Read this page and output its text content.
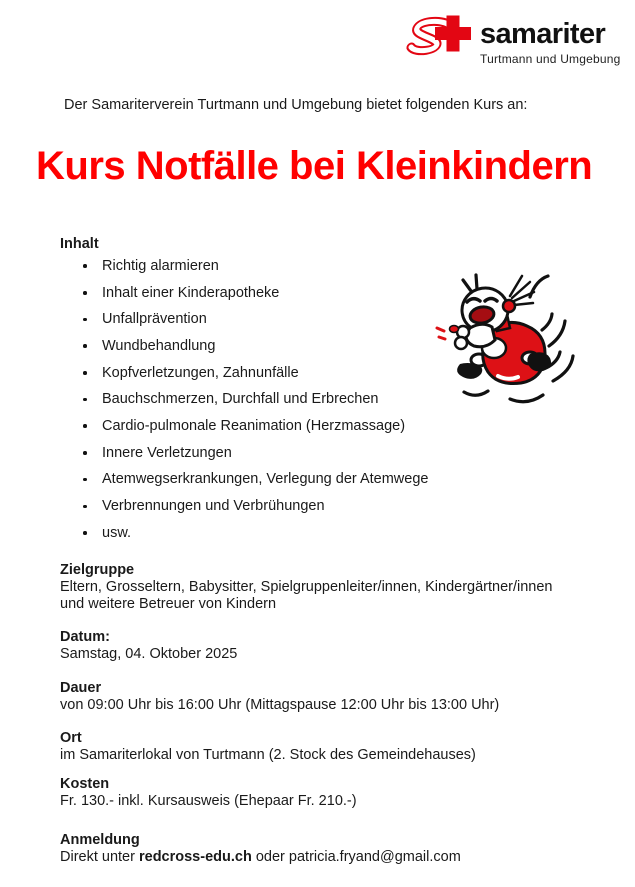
samariter
Turtmann und Umgebung

Der Samariterverein Turtmann und Umgebung bietet folgenden Kurs an:

Kurs Notfälle bei Kleinkindern
Inhalt
Richtig alarmieren
Inhalt einer Kinderapotheke
Unfallprävention
Wundbehandlung
Kopfverletzungen, Zahnunfälle
Bauchschmerzen, Durchfall und Erbrechen
Cardio-pulmonale Reanimation (Herzmassage)
Innere Verletzungen
Atemwegserkrankungen, Verlegung der Atemwege
Verbrennungen und Verbrühungen
usw.
Zielgruppe
Eltern, Grosseltern, Babysitter, Spielgruppenleiter/innen, Kindergärtner/innen
und weitere Betreuer von Kindern
Datum:
Samstag, 04. Oktober 2025
Dauer
von 09:00 Uhr bis 16:00 Uhr (Mittagspause 12:00 Uhr bis 13:00 Uhr)
Ort
im Samariterlokal von Turtmann (2. Stock des Gemeindehauses)
Kosten
Fr. 130.- inkl. Kursausweis (Ehepaar Fr. 210.-)
Anmeldung
Direkt unter redcross-edu.ch oder patricia.fryand@gmail.com
